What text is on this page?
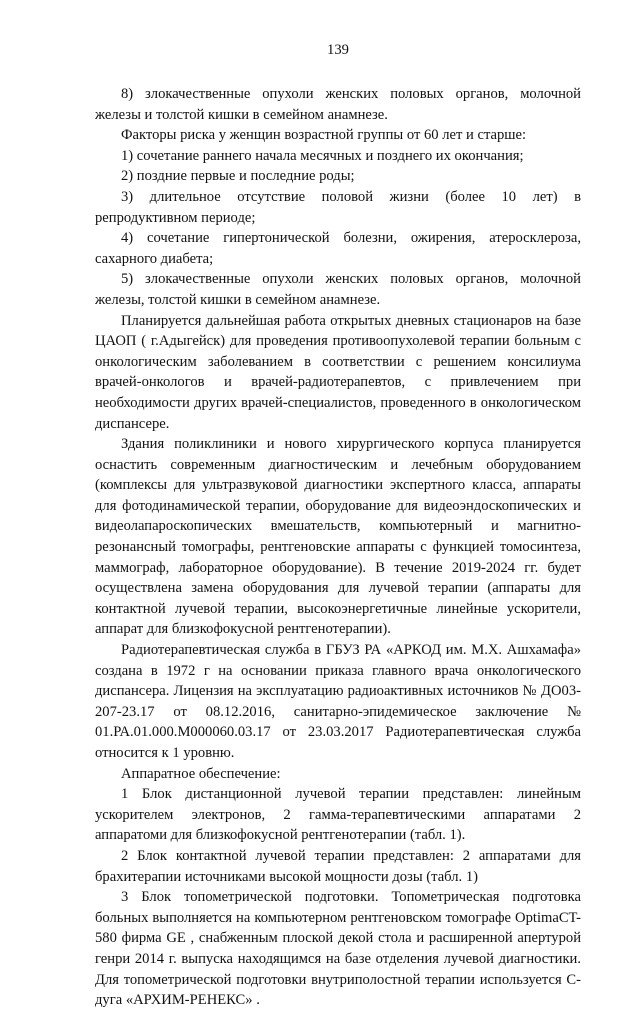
139

8) злокачественные опухоли женских половых органов, молочной железы и толстой кишки в семейном анамнезе.

Факторы риска у женщин возрастной группы от 60 лет и старше:

1) сочетание раннего начала месячных и позднего их окончания;

2) поздние первые и последние роды;

3) длительное отсутствие половой жизни (более 10 лет) в репродуктивном периоде;

4) сочетание гипертонической болезни, ожирения, атеросклероза, сахарного диабета;

5) злокачественные опухоли женских половых органов, молочной железы, толстой кишки в семейном анамнезе.

Планируется дальнейшая работа открытых дневных стационаров на базе ЦАОП ( г.Адыгейск) для проведения противоопухолевой терапии больным с онкологическим заболеванием в соответствии с решением консилиума врачей-онкологов и врачей-радиотерапевтов, с привлечением при необходимости других врачей-специалистов, проведенного в онкологическом диспансере.

Здания поликлиники и нового хирургического корпуса планируется оснастить современным диагностическим и лечебным оборудованием (комплексы для ультразвуковой диагностики экспертного класса, аппараты для фотодинамической терапии, оборудование для видеоэндоскопических и видеолапароскопических вмешательств, компьютерный и магнитно-резонансный томографы, рентгеновские аппараты с функцией томосинтеза, маммограф, лабораторное оборудование). В течение 2019-2024 гг. будет осуществлена замена оборудования для лучевой терапии (аппараты для контактной лучевой терапии, высокоэнергетичные линейные ускорители, аппарат для близкофокусной рентгенотерапии).

Радиотерапевтическая служба в ГБУЗ РА «АРКОД им. М.Х. Ашхамафа» создана в 1972 г на основании приказа главного врача онкологического диспансера. Лицензия на эксплуатацию радиоактивных источников № ДО03-207-23.17 от 08.12.2016, санитарно-эпидемическое заключение № 01.РА.01.000.М000060.03.17 от 23.03.2017 Радиотерапевтическая служба относится к 1 уровню.

Аппаратное обеспечение:

1 Блок дистанционной лучевой терапии представлен: линейным ускорителем электронов, 2 гамма-терапевтическими аппаратами 2 аппаратоми для близкофокусной рентгенотерапии (табл. 1).

2 Блок контактной лучевой терапии представлен: 2 аппаратами для брахитерапии источниками высокой мощности дозы (табл. 1)

3 Блок топометрической подготовки. Топометрическая подготовка больных выполняется на компьютерном рентгеновском томографе OptimaCT-580 фирма GE , снабженным плоской декой стола и расширенной апертурой генри 2014 г. выпуска находящимся на базе отделения лучевой диагностики. Для топометрической подготовки внутриполостной терапии используется С-дуга «АРХИМ-РЕНЕКС» .
